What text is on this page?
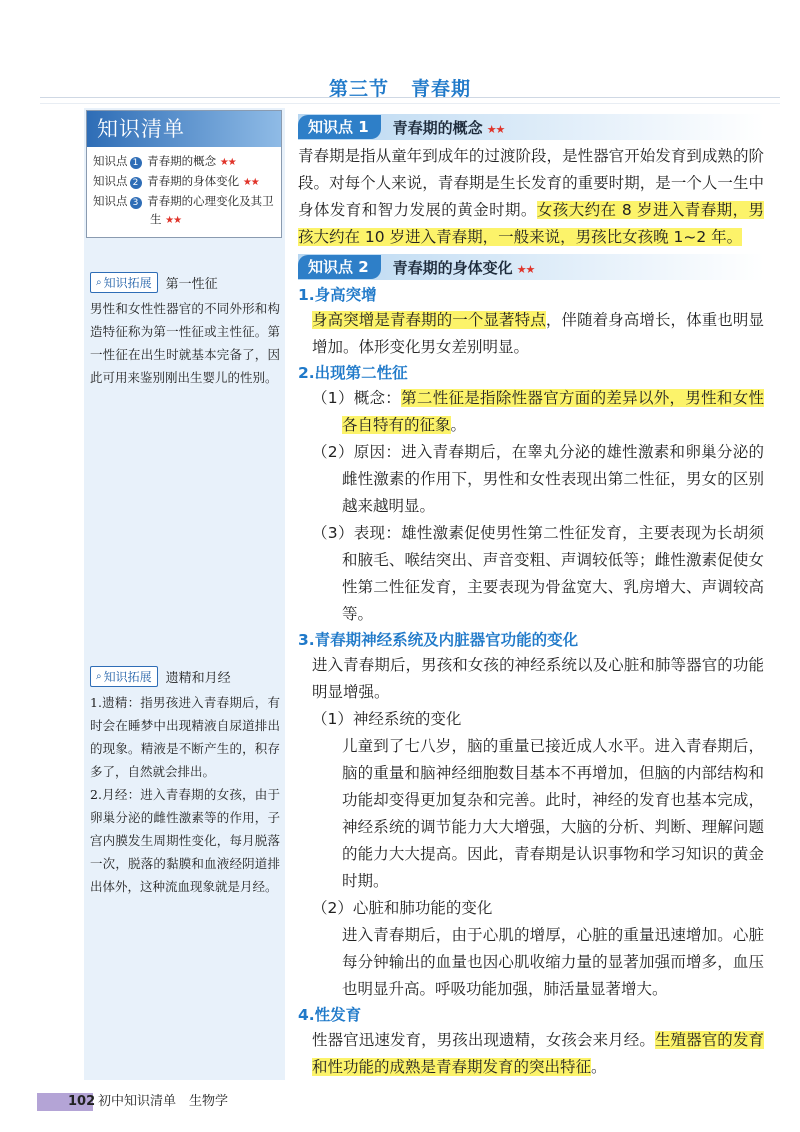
第三节 青春期
知识清单
知识点 1 青春期的概念 ★★
知识点 2 青春期的身体变化 ★★
知识点 3 青春期的心理变化及其卫生 ★★
⌕ 知识拓展 第一性征
男性和女性性器官的不同外形和构造特征称为第一性征或主性征。第一性征在出生时就基本完备了，因此可用来鉴别刚出生婴儿的性别。
⌕ 知识拓展 遗精和月经
1.遗精：指男孩进入青春期后，有时会在睡梦中出现精液自尿道排出的现象。精液是不断产生的，积存多了，自然就会排出。
2.月经：进入青春期的女孩，由于卵巢分泌的雌性激素等的作用，子宫内膜发生周期性变化，每月脱落一次，脱落的黏膜和血液经阴道排出体外，这种流血现象就是月经。
知识点 1	青春期的概念 ★★
青春期是指从童年到成年的过渡阶段，是性器官开始发育到成熟的阶段。对每个人来说，青春期是生长发育的重要时期，是一个人一生中身体发育和智力发展的黄金时期。女孩大约在 8 岁进入青春期，男孩大约在 10 岁进入青春期，一般来说，男孩比女孩晚 1~2 年。
知识点 2	青春期的身体变化 ★★
1.身高突增
身高突增是青春期的一个显著特点，伴随着身高增长，体重也明显增加。体形变化男女差别明显。
2.出现第二性征
（1）概念：第二性征是指除性器官方面的差异以外，男性和女性各自特有的征象。
（2）原因：进入青春期后，在睾丸分泌的雄性激素和卵巢分泌的雌性激素的作用下，男性和女性表现出第二性征，男女的区别越来越明显。
（3）表现：雄性激素促使男性第二性征发育，主要表现为长胡须和腋毛、喉结突出、声音变粗、声调较低等；雌性激素促使女性第二性征发育，主要表现为骨盆宽大、乳房增大、声调较高等。
3.青春期神经系统及内脏器官功能的变化
进入青春期后，男孩和女孩的神经系统以及心脏和肺等器官的功能明显增强。
（1）神经系统的变化
儿童到了七八岁，脑的重量已接近成人水平。进入青春期后，脑的重量和脑神经细胞数目基本不再增加，但脑的内部结构和功能却变得更加复杂和完善。此时，神经的发育也基本完成，神经系统的调节能力大大增强，大脑的分析、判断、理解问题的能力大大提高。因此，青春期是认识事物和学习知识的黄金时期。
（2）心脏和肺功能的变化
进入青春期后，由于心肌的增厚，心脏的重量迅速增加。心脏每分钟输出的血量也因心肌收缩力量的显著加强而增多，血压也明显升高。呼吸功能加强，肺活量显著增大。
4.性发育
性器官迅速发育，男孩出现遗精，女孩会来月经。生殖器官的发育和性功能的成熟是青春期发育的突出特征。
102 初中知识清单　生物学
